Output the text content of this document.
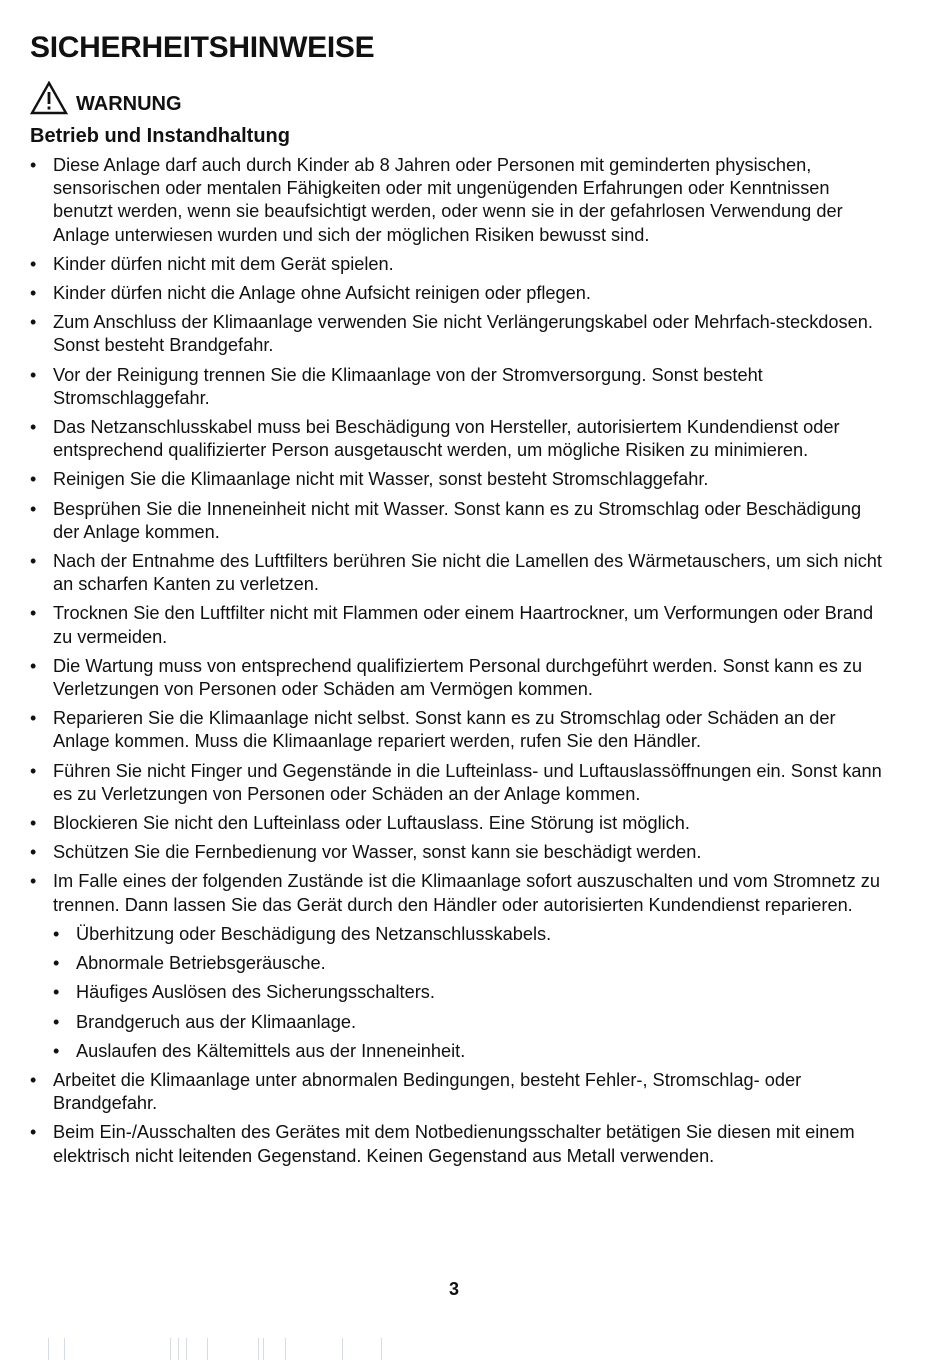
SICHERHEITSHINWEISE
WARNUNG
Betrieb und Instandhaltung
• Diese Anlage darf auch durch Kinder ab 8 Jahren oder Personen mit geminderten physischen, sensorischen oder mentalen Fähigkeiten oder mit ungenügenden Erfahrungen oder Kenntnissen benutzt werden, wenn sie beaufsichtigt werden, oder wenn sie in der gefahrlosen Verwendung der Anlage unterwiesen wurden und sich der möglichen Risiken bewusst sind.
• Kinder dürfen nicht mit dem Gerät spielen.
• Kinder dürfen nicht die Anlage ohne Aufsicht reinigen oder pflegen.
• Zum Anschluss der Klimaanlage verwenden Sie nicht Verlängerungskabel oder Mehrfach-steckdosen. Sonst besteht Brandgefahr.
• Vor der Reinigung trennen Sie die Klimaanlage von der Stromversorgung. Sonst besteht Stromschlaggefahr.
• Das Netzanschlusskabel muss bei Beschädigung von Hersteller, autorisiertem Kundendienst oder entsprechend qualifizierter Person ausgetauscht werden, um mögliche Risiken zu minimieren.
• Reinigen Sie die Klimaanlage nicht mit Wasser, sonst besteht Stromschlaggefahr.
• Besprühen Sie die Inneneinheit nicht mit Wasser. Sonst kann es zu Stromschlag oder Beschädigung der Anlage kommen.
• Nach der Entnahme des Luftfilters berühren Sie nicht die Lamellen des Wärmetauschers, um sich nicht an scharfen Kanten zu verletzen.
• Trocknen Sie den Luftfilter nicht mit Flammen oder einem Haartrockner, um Verformungen oder Brand zu vermeiden.
• Die Wartung muss von entsprechend qualifiziertem Personal durchgeführt werden. Sonst kann es zu Verletzungen von Personen oder Schäden am Vermögen kommen.
• Reparieren Sie die Klimaanlage nicht selbst. Sonst kann es zu Stromschlag oder Schäden an der Anlage kommen. Muss die Klimaanlage repariert werden, rufen Sie den Händler.
• Führen Sie nicht Finger und Gegenstände in die Lufteinlass- und Luftauslassöffnungen ein. Sonst kann es zu Verletzungen von Personen oder Schäden an der Anlage kommen.
• Blockieren Sie nicht den Lufteinlass oder Luftauslass. Eine Störung ist möglich.
• Schützen Sie die Fernbedienung vor Wasser, sonst kann sie beschädigt werden.
• Im Falle eines der folgenden Zustände ist die Klimaanlage sofort auszuschalten und vom Stromnetz zu trennen. Dann lassen Sie das Gerät durch den Händler oder autorisierten Kundendienst reparieren.
• Überhitzung oder Beschädigung des Netzanschlusskabels.
• Abnormale Betriebsgeräusche.
• Häufiges Auslösen des Sicherungsschalters.
• Brandgeruch aus der Klimaanlage.
• Auslaufen des Kältemittels aus der Inneneinheit.
• Arbeitet die Klimaanlage unter abnormalen Bedingungen, besteht Fehler-, Stromschlag- oder Brandgefahr.
• Beim Ein-/Ausschalten des Gerätes mit dem Notbedienungsschalter betätigen Sie diesen mit einem elektrisch nicht leitenden Gegenstand. Keinen Gegenstand aus Metall verwenden.
3
